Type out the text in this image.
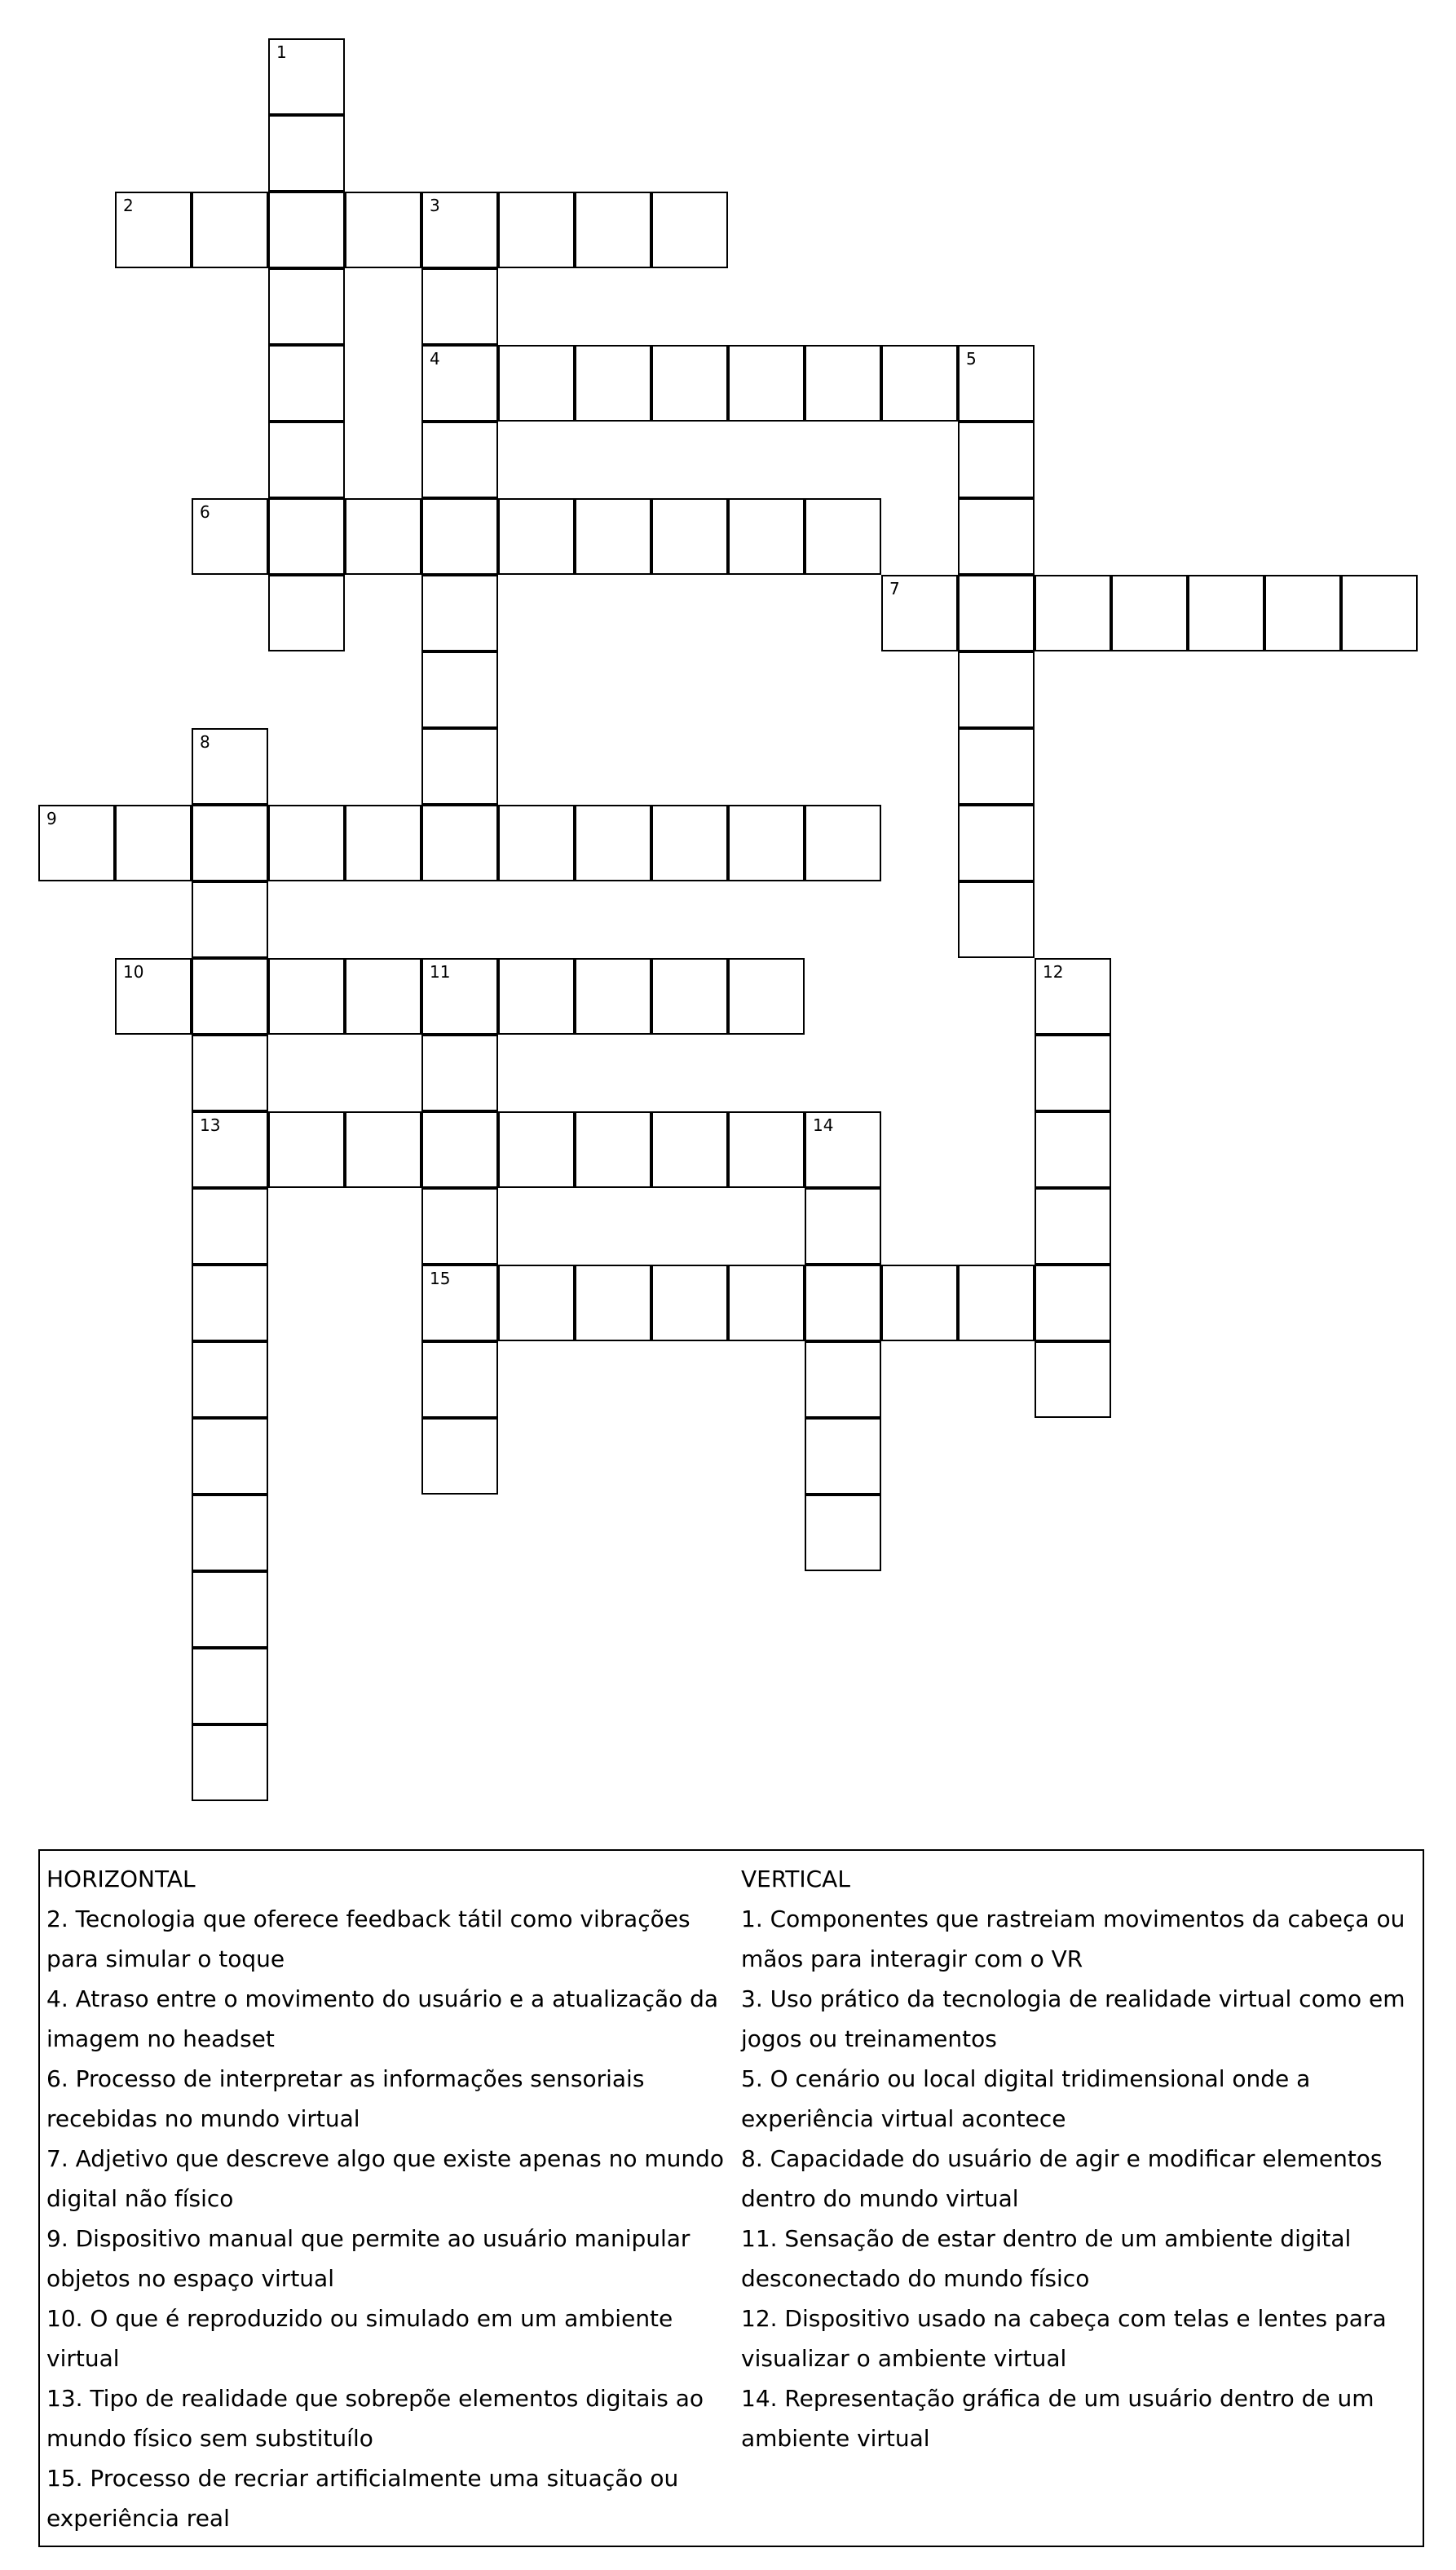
1
2	3
4	5
6
7
8
13
9
10	11
15
12
14
HORIZONTAL
2. Tecnologia que oferece feedback tátil como vibrações para simular o toque
4. Atraso entre o movimento do usuário e a atualização da imagem no headset
6. Processo de interpretar as informações sensoriais recebidas no mundo virtual
7. Adjetivo que descreve algo que existe apenas no mundo digital não físico
9. Dispositivo manual que permite ao usuário manipular objetos no espaço virtual
10. O que é reproduzido ou simulado em um ambiente virtual
13. Tipo de realidade que sobrepõe elementos digitais ao mundo físico sem substituílo
15. Processo de recriar artificialmente uma situação ou experiência real
VERTICAL
1. Componentes que rastreiam movimentos da cabeça ou mãos para interagir com o VR
3. Uso prático da tecnologia de realidade virtual como em jogos ou treinamentos
5. O cenário ou local digital tridimensional onde a experiência virtual acontece
8. Capacidade do usuário de agir e modificar elementos dentro do mundo virtual
11. Sensação de estar dentro de um ambiente digital desconectado do mundo físico
12. Dispositivo usado na cabeça com telas e lentes para visualizar o ambiente virtual
14. Representação gráfica de um usuário dentro de um ambiente virtual
